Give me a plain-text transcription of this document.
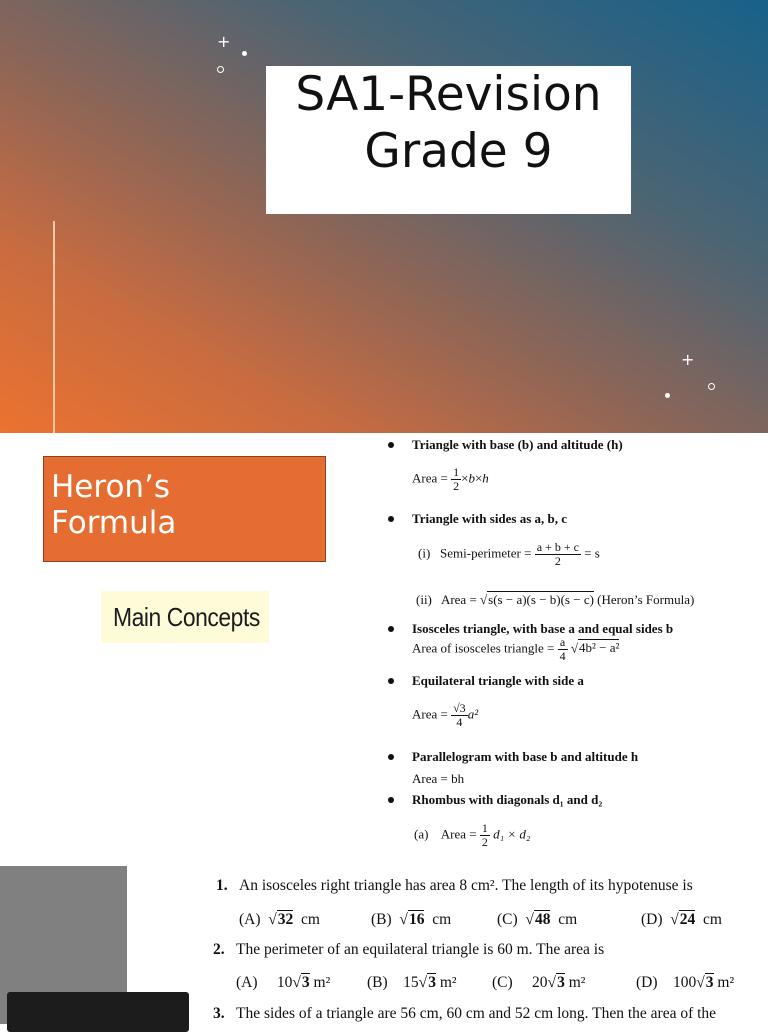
+
SA1-Revision
Grade 9
+
Heron’s
Formula
Main Concepts
Triangle with base (b) and altitude (h)
Area = $\frac{1}{2} \times b\times h$
Triangle with sides as a, b, c
(i) Semi-perimeter = $\frac{a + b + c}{2} = s$
(ii) Area = √s(s − a)(s − b)(s − c) (Heron’s Formula)
Isosceles triangle, with base a and equal sides b
Area of isosceles triangle = $\frac{a}{4} √4b^2 - a^2$
Equilateral triangle with side a
Area = $\frac{√3}{4} a^2$
Parallelogram with base b and altitude h
Area = bh
Rhombus with diagonals d₁ and d₂
(a) Area = $\frac{1}{2} d_1 \times d_2$
1. An isosceles right triangle has area 8 cm². The length of its hypotenuse is
(A) √32 cm	(B) √16 cm	(C) √48 cm	(D) √24 cm
2. The perimeter of an equilateral triangle is 60 m. The area is
(A) 10√3 m² (B) 15√3 m² (C) 20√3 m²	(D) 100√3 m²
3. The sides of a triangle are 56 cm, 60 cm and 52 cm long. Then the area of the
